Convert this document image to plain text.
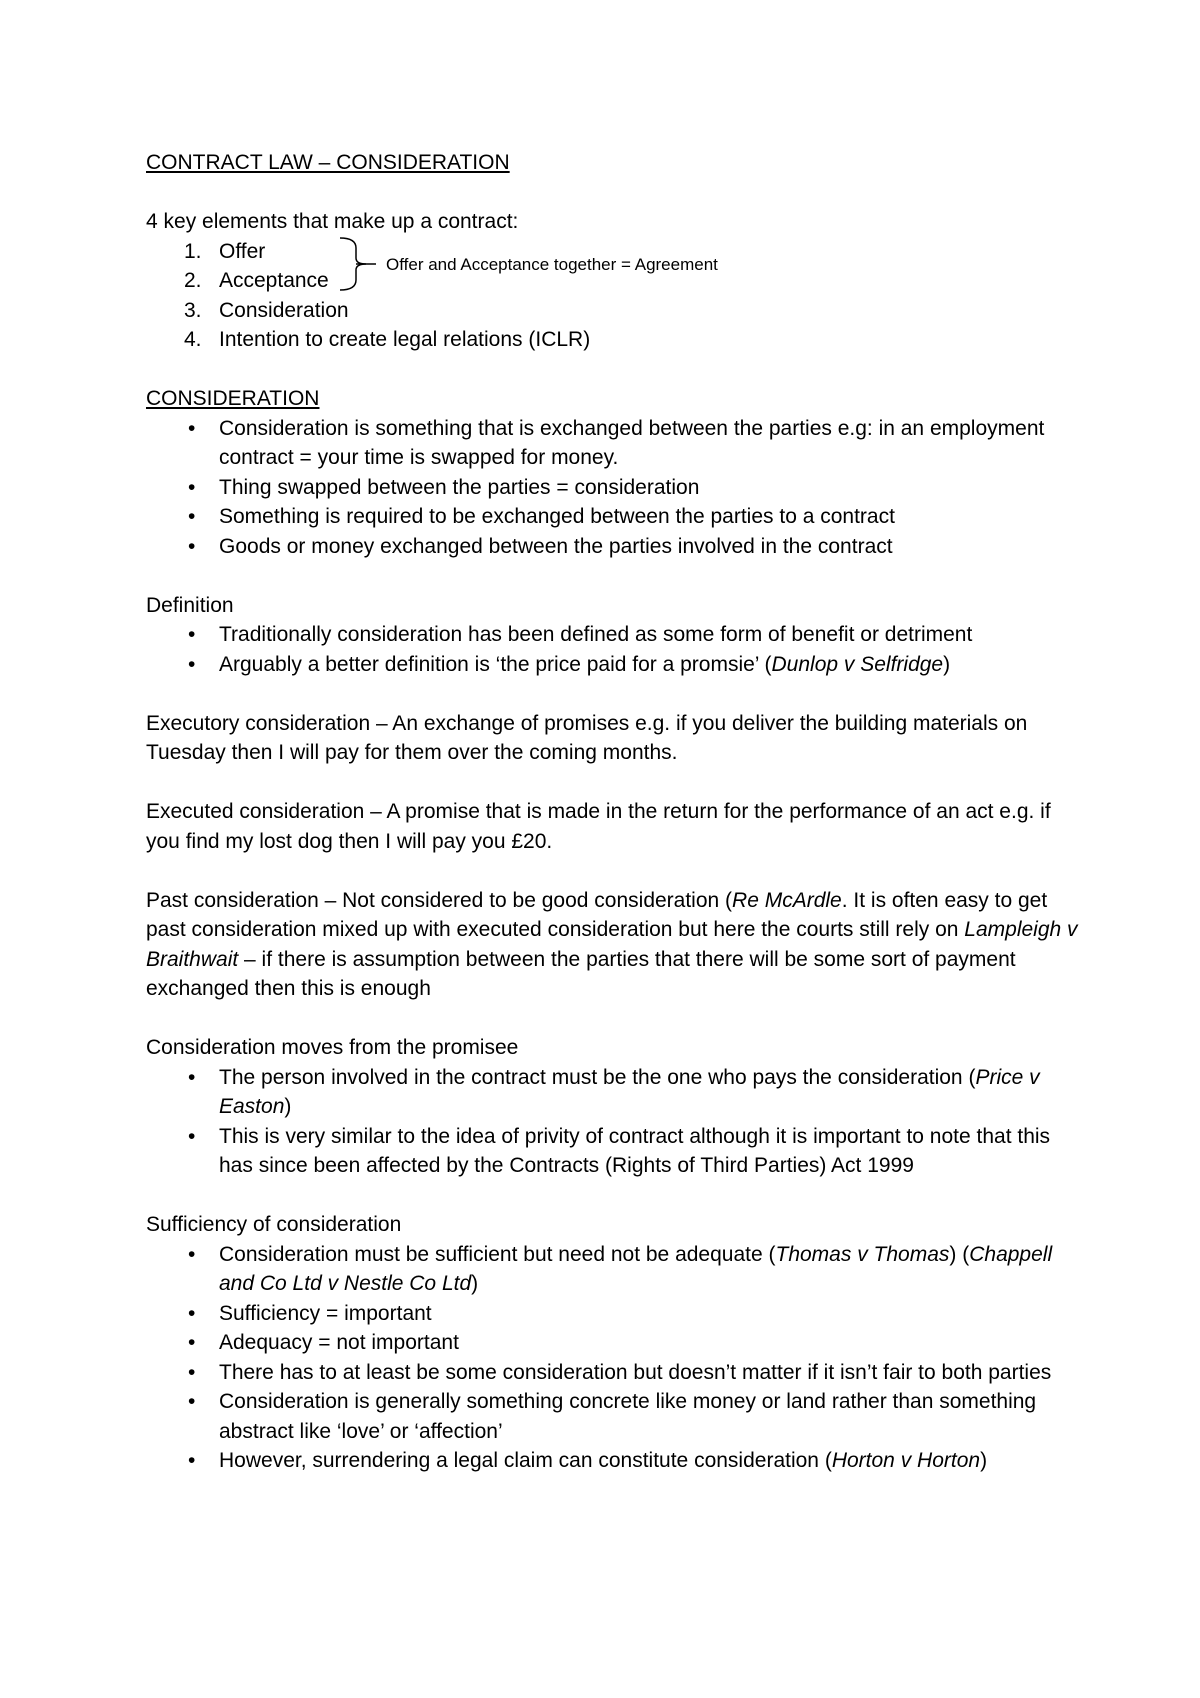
Offer and Acceptance together = Agreement

CONTRACT LAW – CONSIDERATION

4 key elements that make up a contract:

1. Offer
2. Acceptance
3. Consideration
4. Intention to create legal relations (ICLR)

CONSIDERATION

• Consideration is something that is exchanged between the parties e.g: in an employment contract = your time is swapped for money.
• Thing swapped between the parties = consideration
• Something is required to be exchanged between the parties to a contract
• Goods or money exchanged between the parties involved in the contract

Definition

• Traditionally consideration has been defined as some form of benefit or detriment
• Arguably a better definition is ‘the price paid for a promsie’ (Dunlop v Selfridge)

Executory consideration – An exchange of promises e.g. if you deliver the building materials on Tuesday then I will pay for them over the coming months.

Executed consideration – A promise that is made in the return for the performance of an act e.g. if you find my lost dog then I will pay you £20.

Past consideration – Not considered to be good consideration (Re McArdle. It is often easy to get past consideration mixed up with executed consideration but here the courts still rely on Lampleigh v Braithwait – if there is assumption between the parties that there will be some sort of payment exchanged then this is enough

Consideration moves from the promisee

• The person involved in the contract must be the one who pays the consideration (Price v Easton)
• This is very similar to the idea of privity of contract although it is important to note that this has since been affected by the Contracts (Rights of Third Parties) Act 1999

Sufficiency of consideration

• Consideration must be sufficient but need not be adequate (Thomas v Thomas) (Chappell and Co Ltd v Nestle Co Ltd)
• Sufficiency = important
• Adequacy = not important
• There has to at least be some consideration but doesn’t matter if it isn’t fair to both parties
• Consideration is generally something concrete like money or land rather than something abstract like ‘love’ or ‘affection’
• However, surrendering a legal claim can constitute consideration (Horton v Horton)
